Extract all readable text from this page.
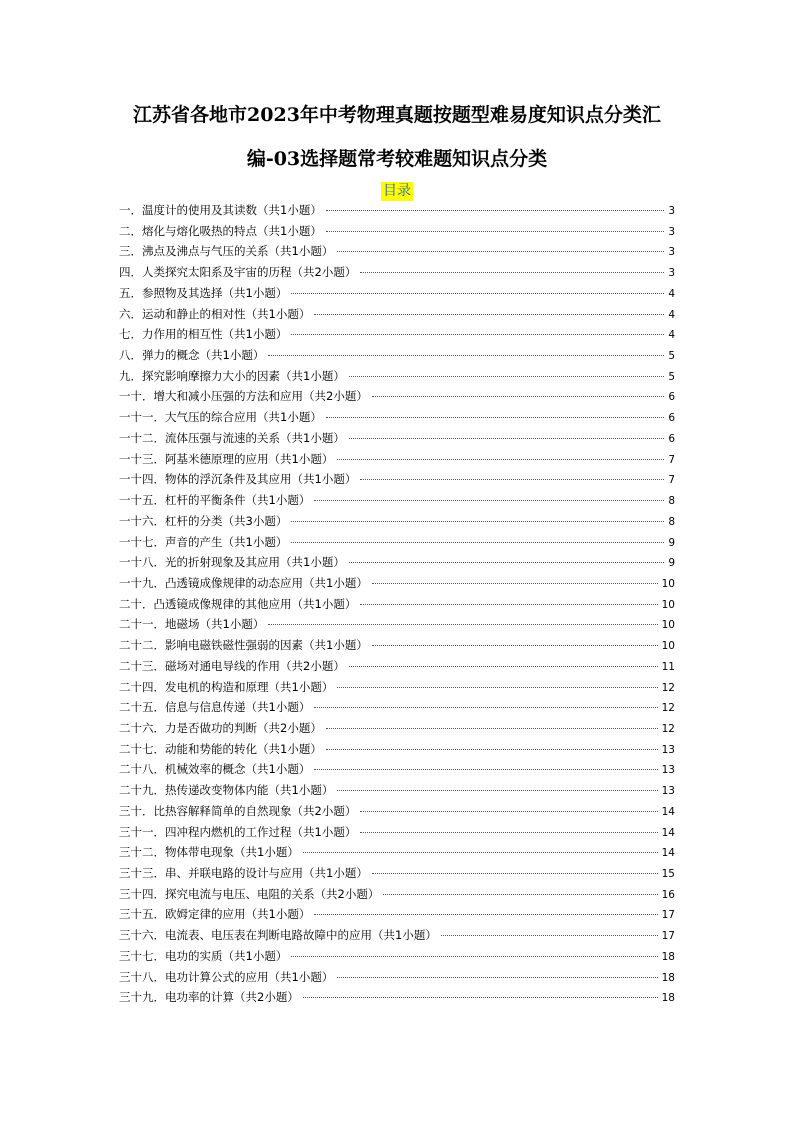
江苏省各地市2023年中考物理真题按题型难易度知识点分类汇
编-03选择题常考较难题知识点分类
目录
一．温度计的使用及其读数（共1小题）	3
二．熔化与熔化吸热的特点（共1小题）	3
三．沸点及沸点与气压的关系（共1小题）	3
四．人类探究太阳系及宇宙的历程（共2小题）	3
五．参照物及其选择（共1小题）	4
六．运动和静止的相对性（共1小题）	4
七．力作用的相互性（共1小题）	4
八．弹力的概念（共1小题）	5
九．探究影响摩擦力大小的因素（共1小题）	5
一十．增大和减小压强的方法和应用（共2小题）	6
一十一．大气压的综合应用（共1小题）	6
一十二．流体压强与流速的关系（共1小题）	6
一十三．阿基米德原理的应用（共1小题）	7
一十四．物体的浮沉条件及其应用（共1小题）	7
一十五．杠杆的平衡条件（共1小题）	8
一十六．杠杆的分类（共3小题）	8
一十七．声音的产生（共1小题）	9
一十八．光的折射现象及其应用（共1小题）	9
一十九．凸透镜成像规律的动态应用（共1小题）	10
二十．凸透镜成像规律的其他应用（共1小题）	10
二十一．地磁场（共1小题）	10
二十二．影响电磁铁磁性强弱的因素（共1小题）	10
二十三．磁场对通电导线的作用（共2小题）	11
二十四．发电机的构造和原理（共1小题）	12
二十五．信息与信息传递（共1小题）	12
二十六．力是否做功的判断（共2小题）	12
二十七．动能和势能的转化（共1小题）	13
二十八．机械效率的概念（共1小题）	13
二十九．热传递改变物体内能（共1小题）	13
三十．比热容解释简单的自然现象（共2小题）	14
三十一．四冲程内燃机的工作过程（共1小题）	14
三十二．物体带电现象（共1小题）	14
三十三．串、并联电路的设计与应用（共1小题）	15
三十四．探究电流与电压、电阻的关系（共2小题）	16
三十五．欧姆定律的应用（共1小题）	17
三十六．电流表、电压表在判断电路故障中的应用（共1小题）	17
三十七．电功的实质（共1小题）	18
三十八．电功计算公式的应用（共1小题）	18
三十九．电功率的计算（共2小题）	18
